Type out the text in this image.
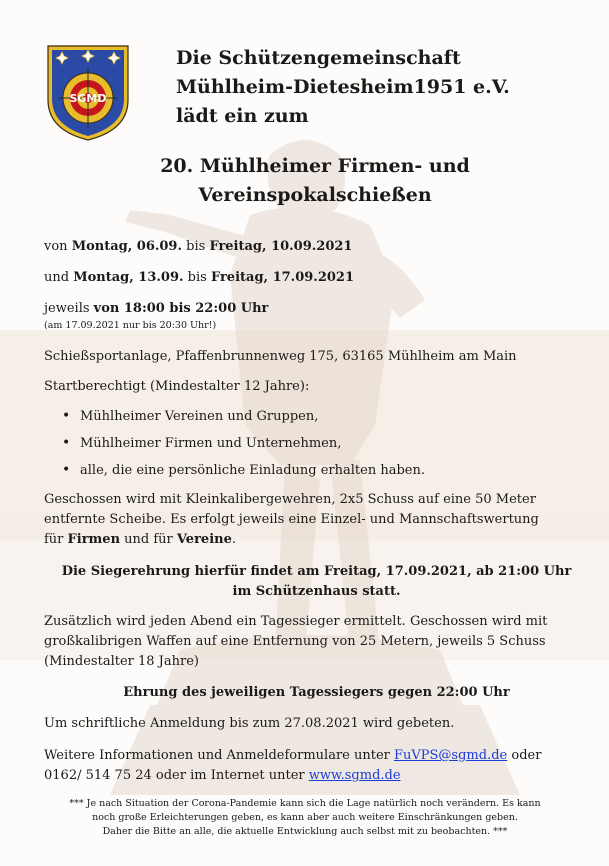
SGMD
Die Schützengemeinschaft
Mühlheim-Dietesheim1951 e.V.
lädt ein zum
20. Mühlheimer Firmen- und
Vereinspokalschießen
von Montag, 06.09. bis Freitag, 10.09.2021
und Montag, 13.09. bis Freitag, 17.09.2021
jeweils von 18:00 bis 22:00 Uhr
(am 17.09.2021 nur bis 20:30 Uhr!)
Schießsportanlage, Pfaffenbrunnenweg 175, 63165 Mühlheim am Main
Startberechtigt (Mindestalter 12 Jahre):
• Mühlheimer Vereinen und Gruppen,
• Mühlheimer Firmen und Unternehmen,
• alle, die eine persönliche Einladung erhalten haben.
Geschossen wird mit Kleinkalibergewehren, 2x5 Schuss auf eine 50 Meter
entfernte Scheibe. Es erfolgt jeweils eine Einzel- und Mannschaftswertung
für Firmen und für Vereine.
Die Siegerehrung hierfür findet am Freitag, 17.09.2021, ab 21:00 Uhr
im Schützenhaus statt.
Zusätzlich wird jeden Abend ein Tagessieger ermittelt. Geschossen wird mit
großkalibrigen Waffen auf eine Entfernung von 25 Metern, jeweils 5 Schuss
(Mindestalter 18 Jahre)
Ehrung des jeweiligen Tagessiegers gegen 22:00 Uhr
Um schriftliche Anmeldung bis zum 27.08.2021 wird gebeten.
Weitere Informationen und Anmeldeformulare unter FuVPS@sgmd.de oder
0162/ 514 75 24 oder im Internet unter www.sgmd.de
*** Je nach Situation der Corona-Pandemie kann sich die Lage natürlich noch verändern. Es kann
noch große Erleichterungen geben, es kann aber auch weitere Einschränkungen geben.
Daher die Bitte an alle, die aktuelle Entwicklung auch selbst mit zu beobachten. ***
